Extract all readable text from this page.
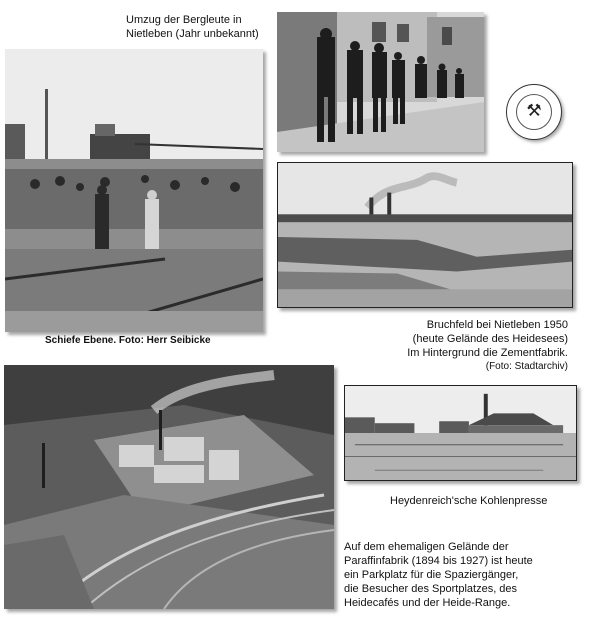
Umzug der Bergleute in
Nietleben (Jahr unbekannt)
⚒
Schiefe Ebene. Foto: Herr Seibicke
Bruchfeld bei Nietleben 1950
(heute Gelände des Heidesees)
Im Hintergrund die Zementfabrik.
(Foto: Stadtarchiv)
Heydenreich'sche Kohlenpresse
Auf dem ehemaligen Gelände der
Paraffinfabrik (1894 bis 1927) ist heute
ein Parkplatz für die Spaziergänger,
die Besucher des Sportplatzes, des
Heidecafés und der Heide-Range.
